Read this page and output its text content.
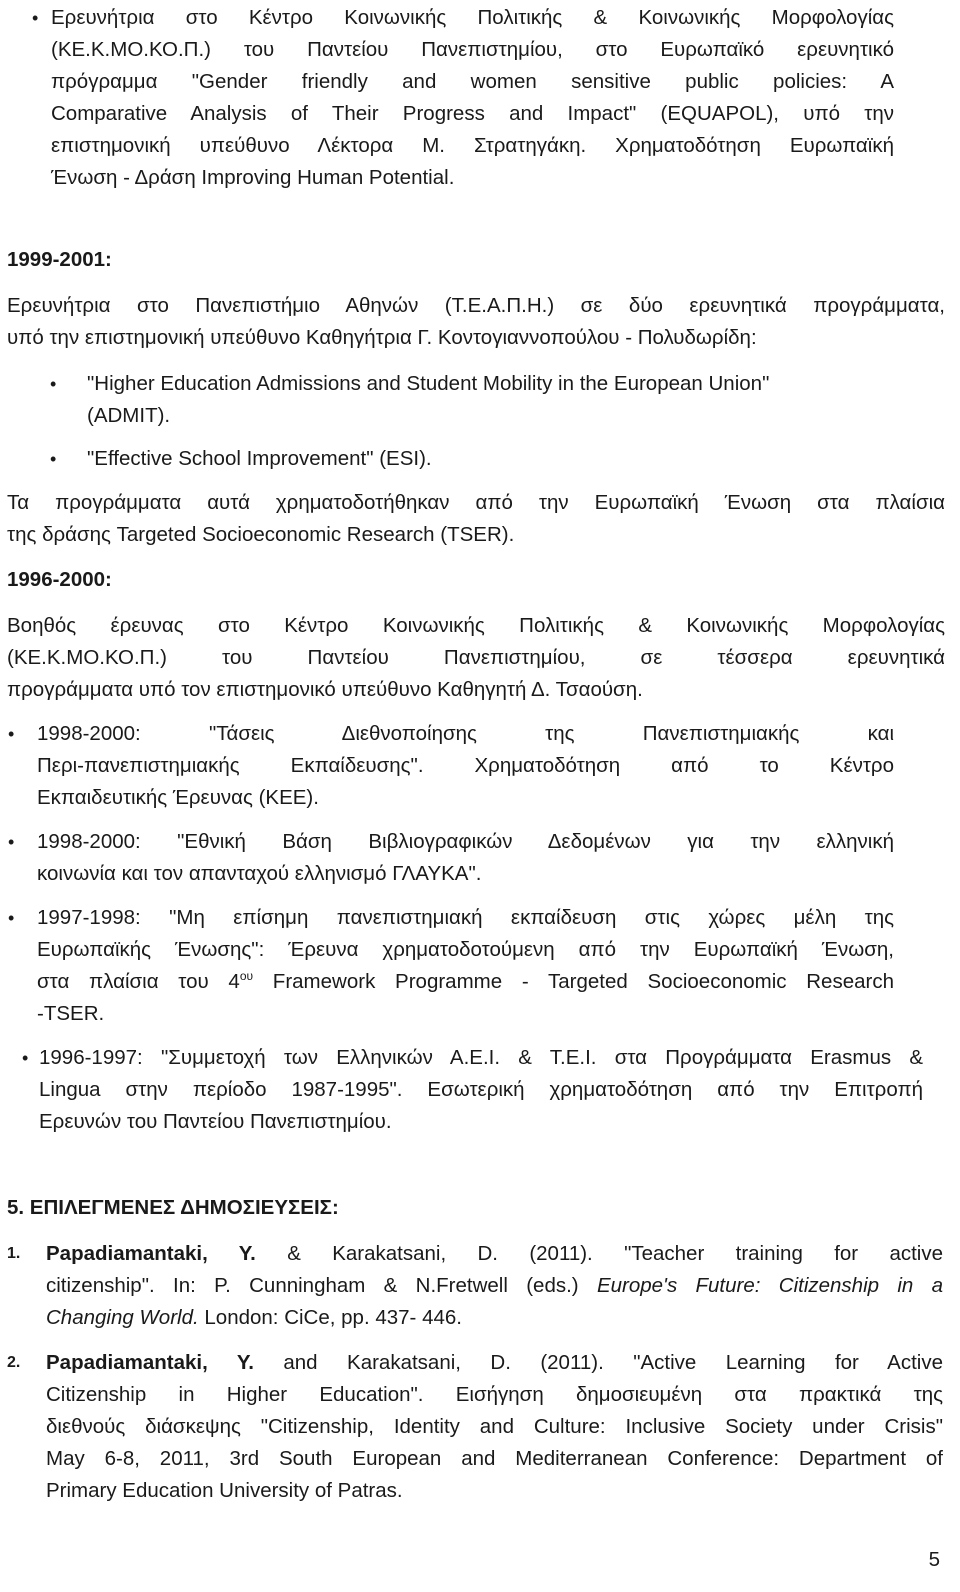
• Ερευνήτρια στο Κέντρο Κοινωνικής Πολιτικής & Κοινωνικής Μορφολογίας
(ΚΕ.Κ.ΜΟ.ΚΟ.Π.) του Παντείου Πανεπιστημίου, στο Ευρωπαϊκό ερευνητικό
πρόγραμμα "Gender friendly and women sensitive public policies: A
Comparative Analysis of Their Progress and Impact" (EQUAPOL), υπό την
επιστημονική υπεύθυνο Λέκτορα Μ. Στρατηγάκη. Χρηματοδότηση Ευρωπαϊκή
Ένωση - Δράση Improving Human Potential.
1999-2001:
Ερευνήτρια στο Πανεπιστήμιο Αθηνών (Τ.Ε.Α.Π.Η.) σε δύο ερευνητικά προγράμματα,
υπό την επιστημονική υπεύθυνο Καθηγήτρια Γ. Κοντογιαννοπούλου - Πολυδωρίδη:
• "Higher Education Admissions and Student Mobility in the European Union"
(ADMIT).
• "Effective School Improvement" (ESI).
Τα προγράμματα αυτά χρηματοδοτήθηκαν από την Ευρωπαϊκή Ένωση στα πλαίσια
της δράσης Targeted Socioeconomic Research (TSER).
1996-2000:
Βοηθός έρευνας στο Κέντρο Κοινωνικής Πολιτικής & Κοινωνικής Μορφολογίας
(ΚΕ.Κ.ΜΟ.ΚΟ.Π.) του Παντείου Πανεπιστημίου, σε τέσσερα ερευνητικά
προγράμματα υπό τον επιστημονικό υπεύθυνο Καθηγητή Δ. Τσαούση.
• 1998-2000: "Τάσεις Διεθνοποίησης της Πανεπιστημιακής και
Περι-πανεπιστημιακής Εκπαίδευσης". Χρηματοδότηση από το Κέντρο
Εκπαιδευτικής Έρευνας (ΚΕΕ).
• 1998-2000: "Εθνική Βάση Βιβλιογραφικών Δεδομένων για την ελληνική
κοινωνία και τον απανταχού ελληνισμό ΓΛΑΥΚΑ".
• 1997-1998: "Μη επίσημη πανεπιστημιακή εκπαίδευση στις χώρες μέλη της
Ευρωπαϊκής Ένωσης": Έρευνα χρηματοδοτούμενη από την Ευρωπαϊκή Ένωση,
στα πλαίσια του $4^{o\upsilon}$ Framework Programme - Targeted Socioeconomic Research
-TSER.
• 1996-1997: "Συμμετοχή των Ελληνικών Α.Ε.Ι. & Τ.Ε.Ι. στα Προγράμματα Erasmus &
Lingua στην περίοδο 1987-1995". Εσωτερική χρηματοδότηση από την Επιτροπή
Ερευνών του Παντείου Πανεπιστημίου.
5. ΕΠΙΛΕΓΜΕΝΕΣ ΔΗΜΟΣΙΕΥΣΕΙΣ:
1.	Papadiamantaki, Y. & Karakatsani, D. (2011). "Teacher training for active
citizenship". In: P. Cunningham & N.Fretwell (eds.) Europe's Future: Citizenship in a
Changing World. London: CiCe, pp. 437- 446.
2.	Papadiamantaki, Y. and Karakatsani, D. (2011). "Active Learning for Active
Citizenship in Higher Education". Εισήγηση δημοσιευμένη στα πρακτικά της
διεθνούς διάσκεψης "Citizenship, Identity and Culture: Inclusive Society under Crisis"
May 6-8, 2011, 3rd South European and Mediterranean Conference: Department of
Primary Education University of Patras.
5
